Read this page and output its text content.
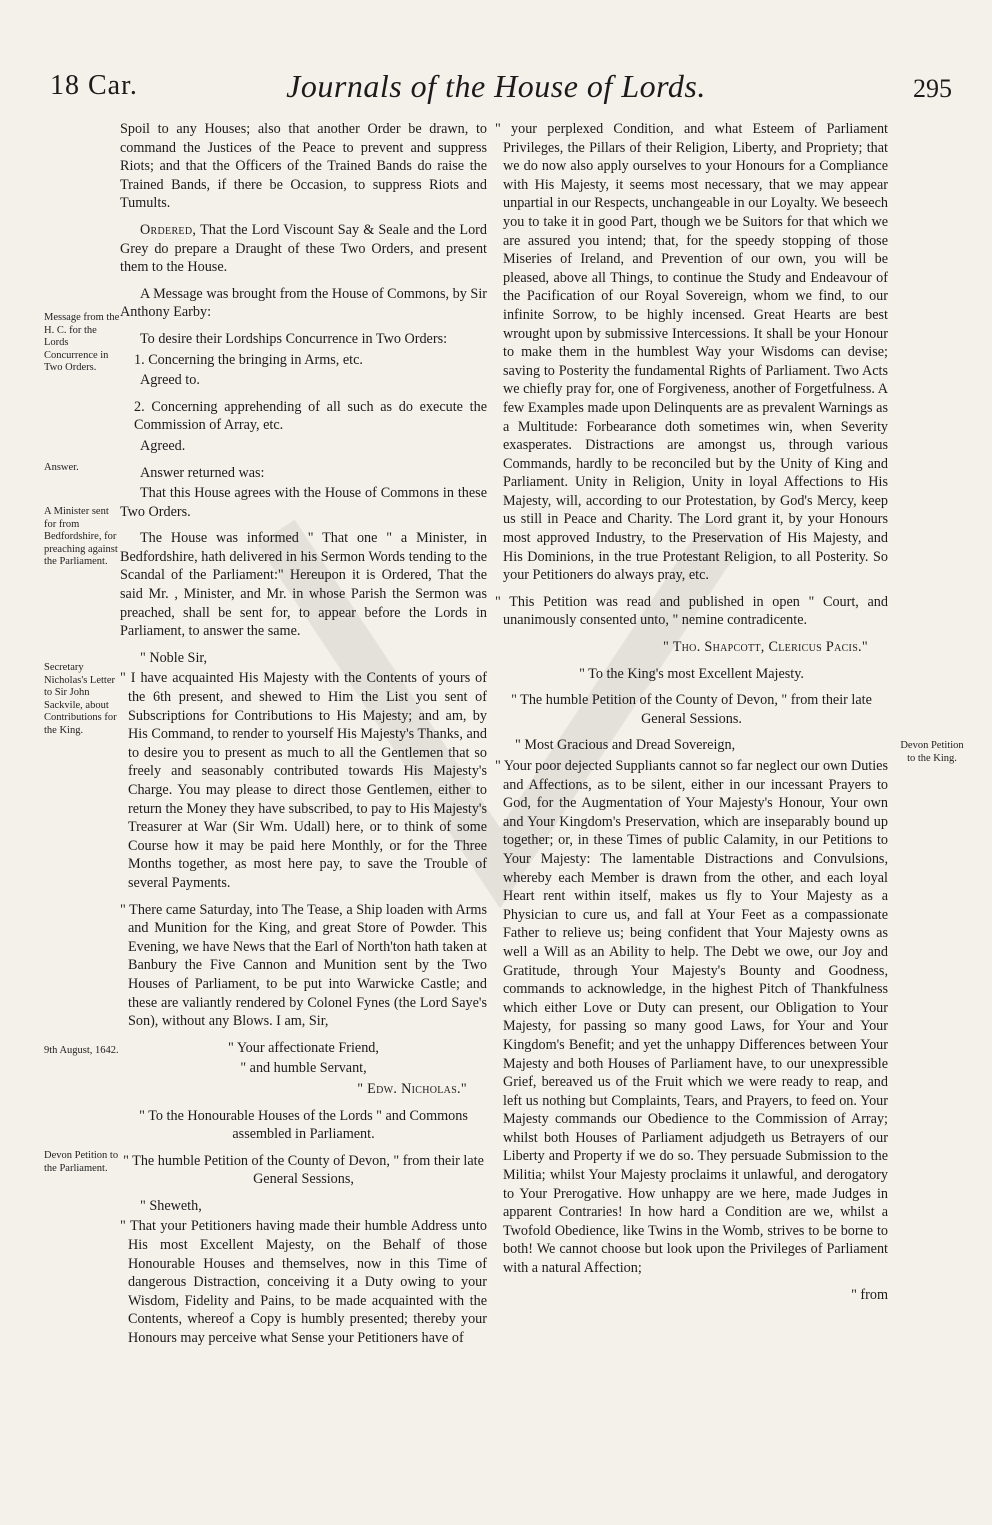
18 Car.	Journals of the House of Lords.	295
Message from the H. C. for the Lords Concurrence in Two Orders.
Answer.
A Minister sent for from Bedfordshire, for preaching against the Parliament.
Secretary Nicholas's Letter to Sir John Sackvile, about Contributions for the King.
9th August, 1642.
Devon Petition to the Parliament.
Devon Petition to the King.

Spoil to any Houses; also that another Order be drawn, to command the Justices of the Peace to prevent and suppress Riots; and that the Officers of the Trained Bands do raise the Trained Bands, if there be Occasion, to suppress Riots and Tumults.

Ordered, That the Lord Viscount Say & Seale and the Lord Grey do prepare a Draught of these Two Orders, and present them to the House.

A Message was brought from the House of Commons, by Sir Anthony Earby:

To desire their Lordships Concurrence in Two Orders:

1. Concerning the bringing in Arms, etc.

Agreed to.

2. Concerning apprehending of all such as do execute the Commission of Array, etc.

Agreed.

Answer returned was:

That this House agrees with the House of Commons in these Two Orders.

The House was informed " That one " a Minister, in Bedfordshire, hath delivered in his Sermon Words tending to the Scandal of the Parliament:" Hereupon it is Ordered, That the said Mr. , Minister, and Mr. in whose Parish the Sermon was preached, shall be sent for, to appear before the Lords in Parliament, to answer the same.

" Noble Sir,

" I have acquainted His Majesty with the Contents of yours of the 6th present, and shewed to Him the List you sent of Subscriptions for Contributions to His Majesty; and am, by His Command, to render to yourself His Majesty's Thanks, and to desire you to present as much to all the Gentlemen that so freely and seasonably contributed towards His Majesty's Charge. You may please to direct those Gentlemen, either to return the Money they have subscribed, to pay to His Majesty's Treasurer at War (Sir Wm. Udall) here, or to think of some Course how it may be paid here Monthly, or for the Three Months together, as most here pay, to save the Trouble of several Payments.

" There came Saturday, into The Tease, a Ship loaden with Arms and Munition for the King, and great Store of Powder. This Evening, we have News that the Earl of North'ton hath taken at Banbury the Five Cannon and Munition sent by the Two Houses of Parliament, to be put into Warwicke Castle; and these are valiantly rendered by Colonel Fynes (the Lord Saye's Son), without any Blows. I am, Sir,

" Your affectionate Friend,

" and humble Servant,

" Edw. Nicholas."

" To the Honourable Houses of the Lords " and Commons assembled in Parliament.

" The humble Petition of the County of Devon, " from their late General Sessions,

" Sheweth,

" That your Petitioners having made their humble Address unto His most Excellent Majesty, on the Behalf of those Honourable Houses and themselves, now in this Time of dangerous Distraction, conceiving it a Duty owing to your Wisdom, Fidelity and Pains, to be made acquainted with the Contents, whereof a Copy is humbly presented; thereby your Honours may perceive what Sense your Petitioners have of

" your perplexed Condition, and what Esteem of Parliament Privileges, the Pillars of their Religion, Liberty, and Propriety; that we do now also apply ourselves to your Honours for a Compliance with His Majesty, it seems most necessary, that we may appear unpartial in our Respects, unchangeable in our Loyalty. We beseech you to take it in good Part, though we be Suitors for that which we are assured you intend; that, for the speedy stopping of those Miseries of Ireland, and Prevention of our own, you will be pleased, above all Things, to continue the Study and Endeavour of the Pacification of our Royal Sovereign, whom we find, to our infinite Sorrow, to be highly incensed. Great Hearts are best wrought upon by submissive Intercessions. It shall be your Honour to make them in the humblest Way your Wisdoms can devise; saving to Posterity the fundamental Rights of Parliament. Two Acts we chiefly pray for, one of Forgiveness, another of Forgetfulness. A few Examples made upon Delinquents are as prevalent Warnings as a Multitude: Forbearance doth sometimes win, when Severity exasperates. Distractions are amongst us, through various Commands, hardly to be reconciled but by the Unity of King and Parliament. Unity in Religion, Unity in loyal Affections to His Majesty, will, according to our Protestation, by God's Mercy, keep us still in Peace and Charity. The Lord grant it, by your Honours most approved Industry, to the Preservation of His Majesty, and His Dominions, in the true Protestant Religion, to all Posterity. So your Petitioners do always pray, etc.

" This Petition was read and published in open " Court, and unanimously consented unto, " nemine contradicente.

" Tho. Shapcott, Clericus Pacis."

" To the King's most Excellent Majesty.

" The humble Petition of the County of Devon, " from their late General Sessions.

" Most Gracious and Dread Sovereign,

" Your poor dejected Suppliants cannot so far neglect our own Duties and Affections, as to be silent, either in our incessant Prayers to God, for the Augmentation of Your Majesty's Honour, Your own and Your Kingdom's Preservation, which are inseparably bound up together; or, in these Times of public Calamity, in our Petitions to Your Majesty: The lamentable Distractions and Convulsions, whereby each Member is drawn from the other, and each loyal Heart rent within itself, makes us fly to Your Majesty as a Physician to cure us, and fall at Your Feet as a compassionate Father to relieve us; being confident that Your Majesty owns as well a Will as an Ability to help. The Debt we owe, our Joy and Gratitude, through Your Majesty's Bounty and Goodness, commands to acknowledge, in the highest Pitch of Thankfulness which either Love or Duty can present, our Obligation to Your Majesty, for passing so many good Laws, for Your and Your Kingdom's Benefit; and yet the unhappy Differences between Your Majesty and both Houses of Parliament have, to our unexpressible Grief, bereaved us of the Fruit which we were ready to reap, and left us nothing but Complaints, Tears, and Prayers, to feed on. Your Majesty commands our Obedience to the Commission of Array; whilst both Houses of Parliament adjudgeth us Betrayers of our Liberty and Property if we do so. They persuade Submission to the Militia; whilst Your Majesty proclaims it unlawful, and derogatory to Your Prerogative. How unhappy are we here, made Judges in apparent Contraries! In how hard a Condition are we, whilst a Twofold Obedience, like Twins in the Womb, strives to be borne to both! We cannot choose but look upon the Privileges of Parliament with a natural Affection;

" from
